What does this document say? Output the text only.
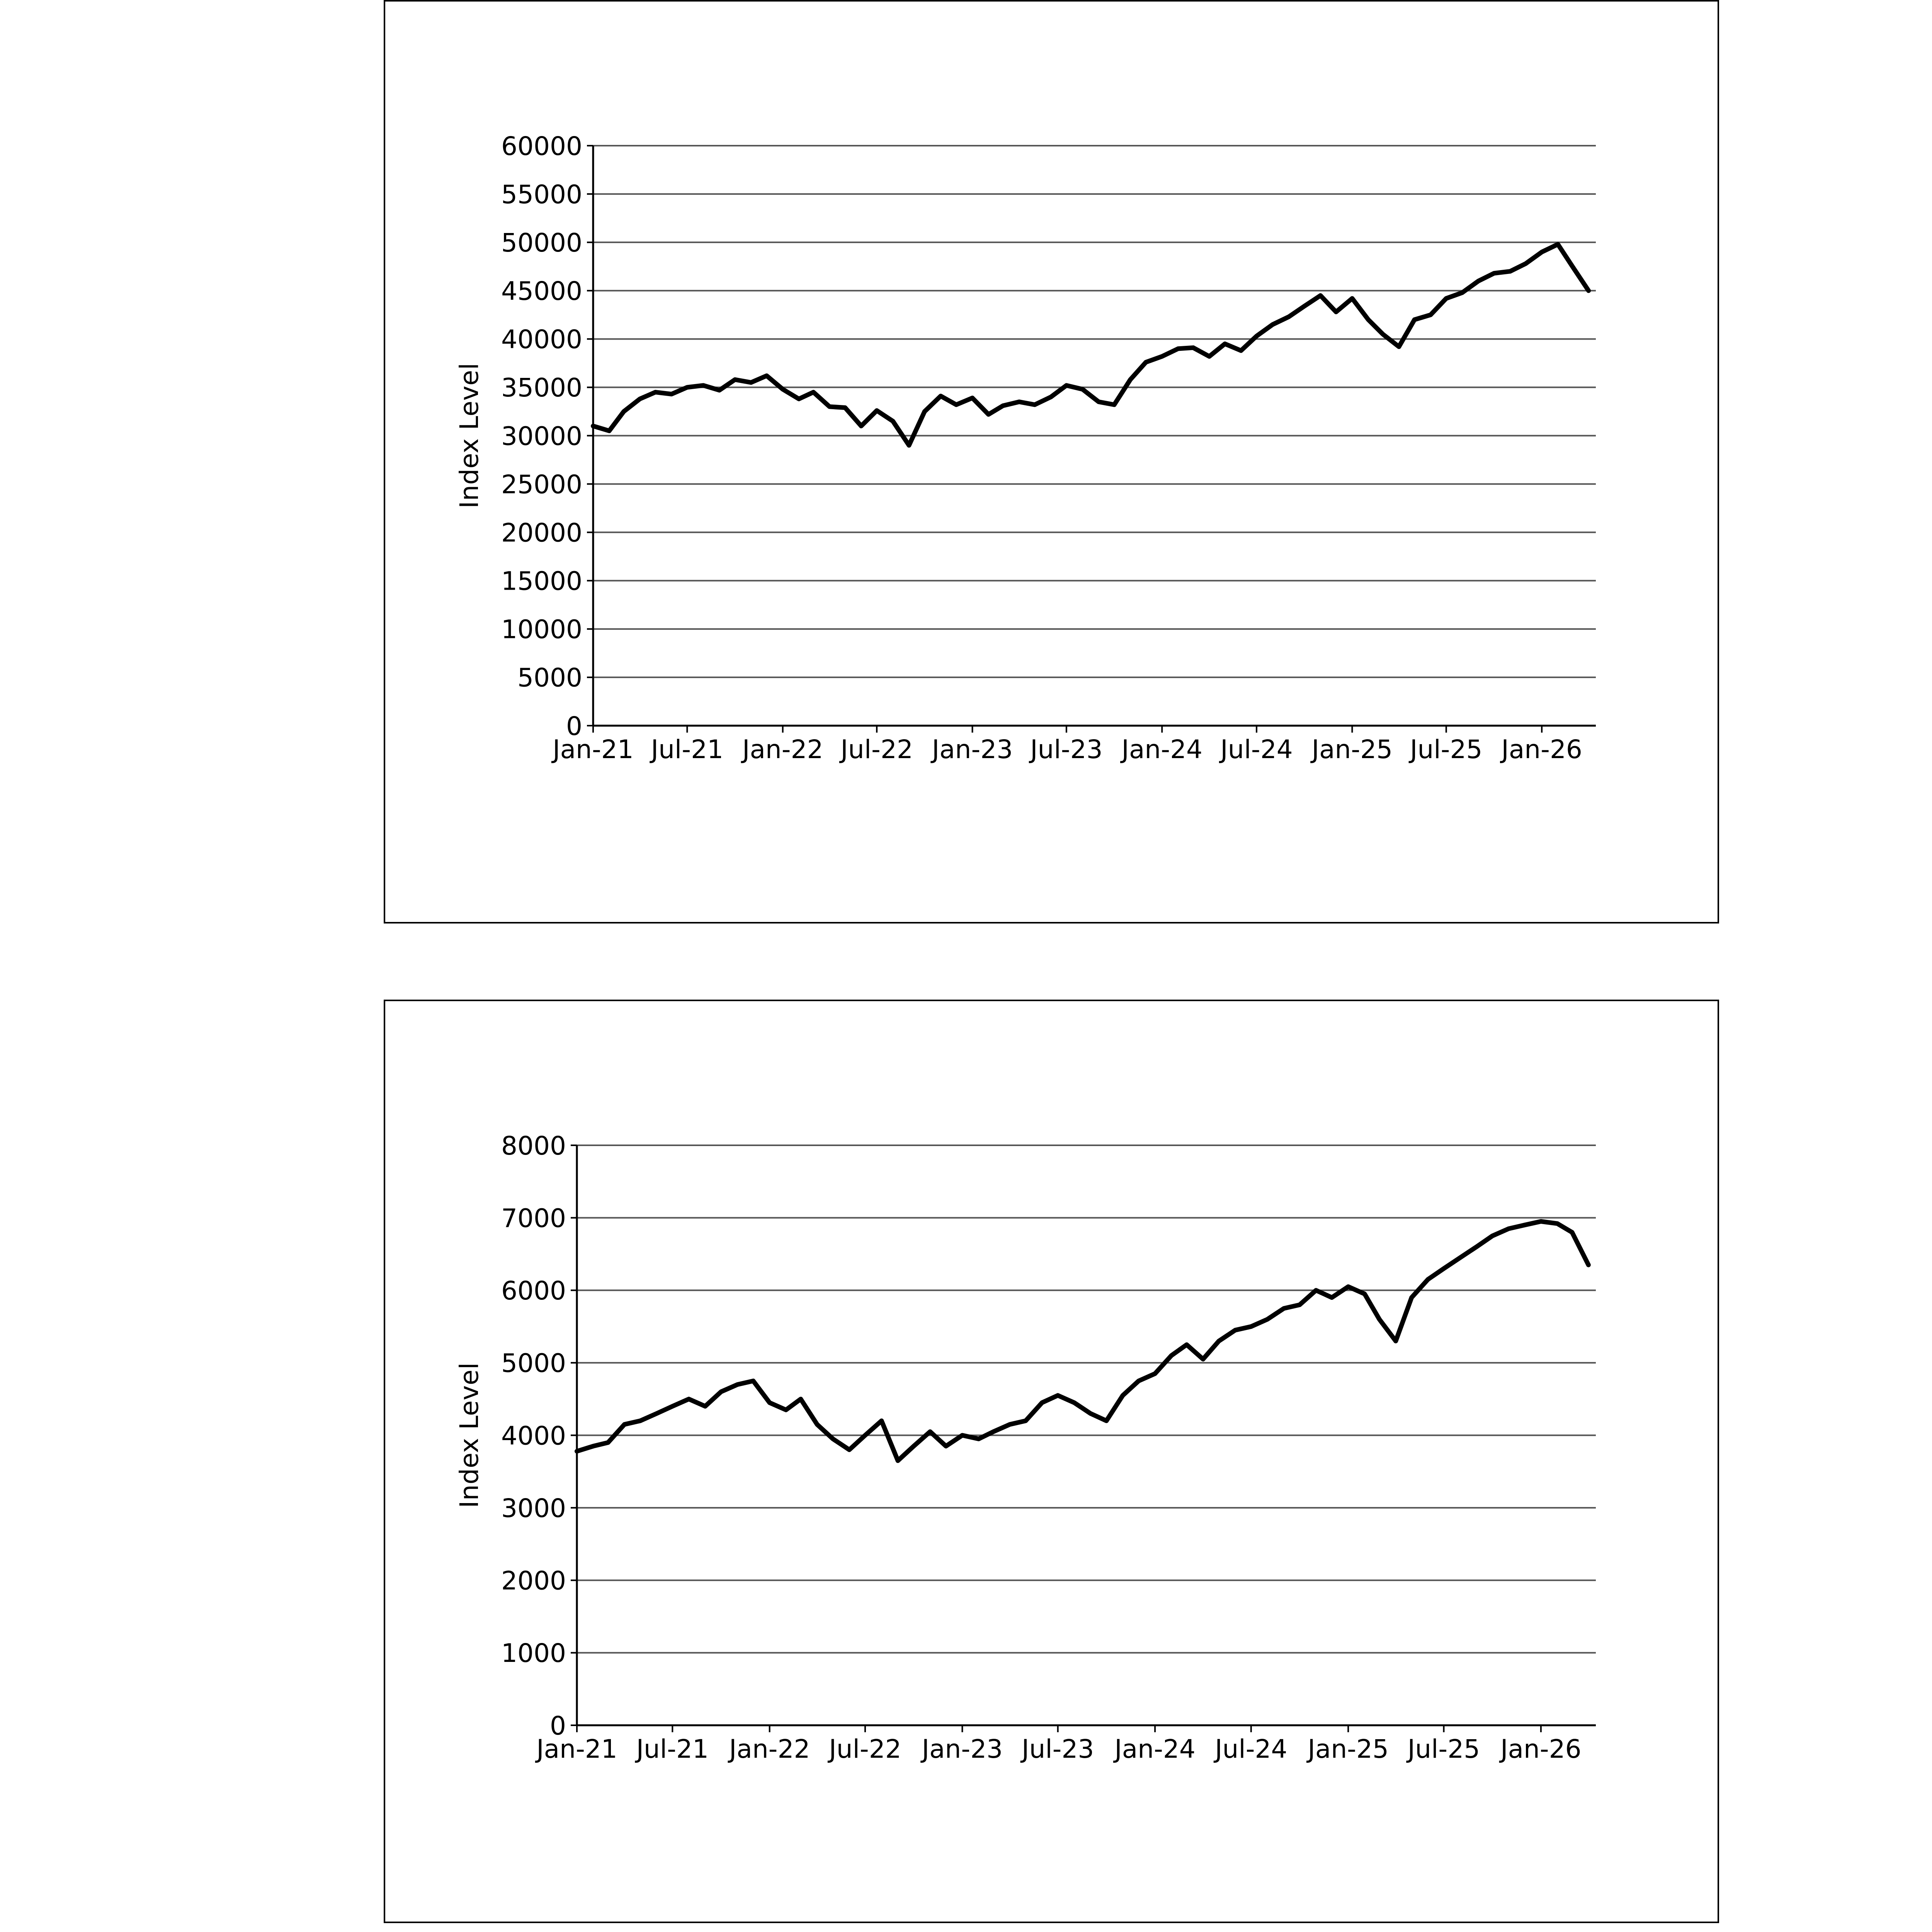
0
5000
10000
15000
20000
25000
30000
35000
40000
45000
50000
55000
60000
Jan-21 Jul-21 Jan-22 Jul-22 Jan-23 Jul-23 Jan-24 Jul-24 Jan-25 Jul-25 Jan-26
Index Level
0
1000
2000
3000
4000
5000
6000
7000
8000
Jan-21 Jul-21 Jan-22 Jul-22 Jan-23 Jul-23 Jan-24 Jul-24 Jan-25 Jul-25 Jan-26
Index Level
